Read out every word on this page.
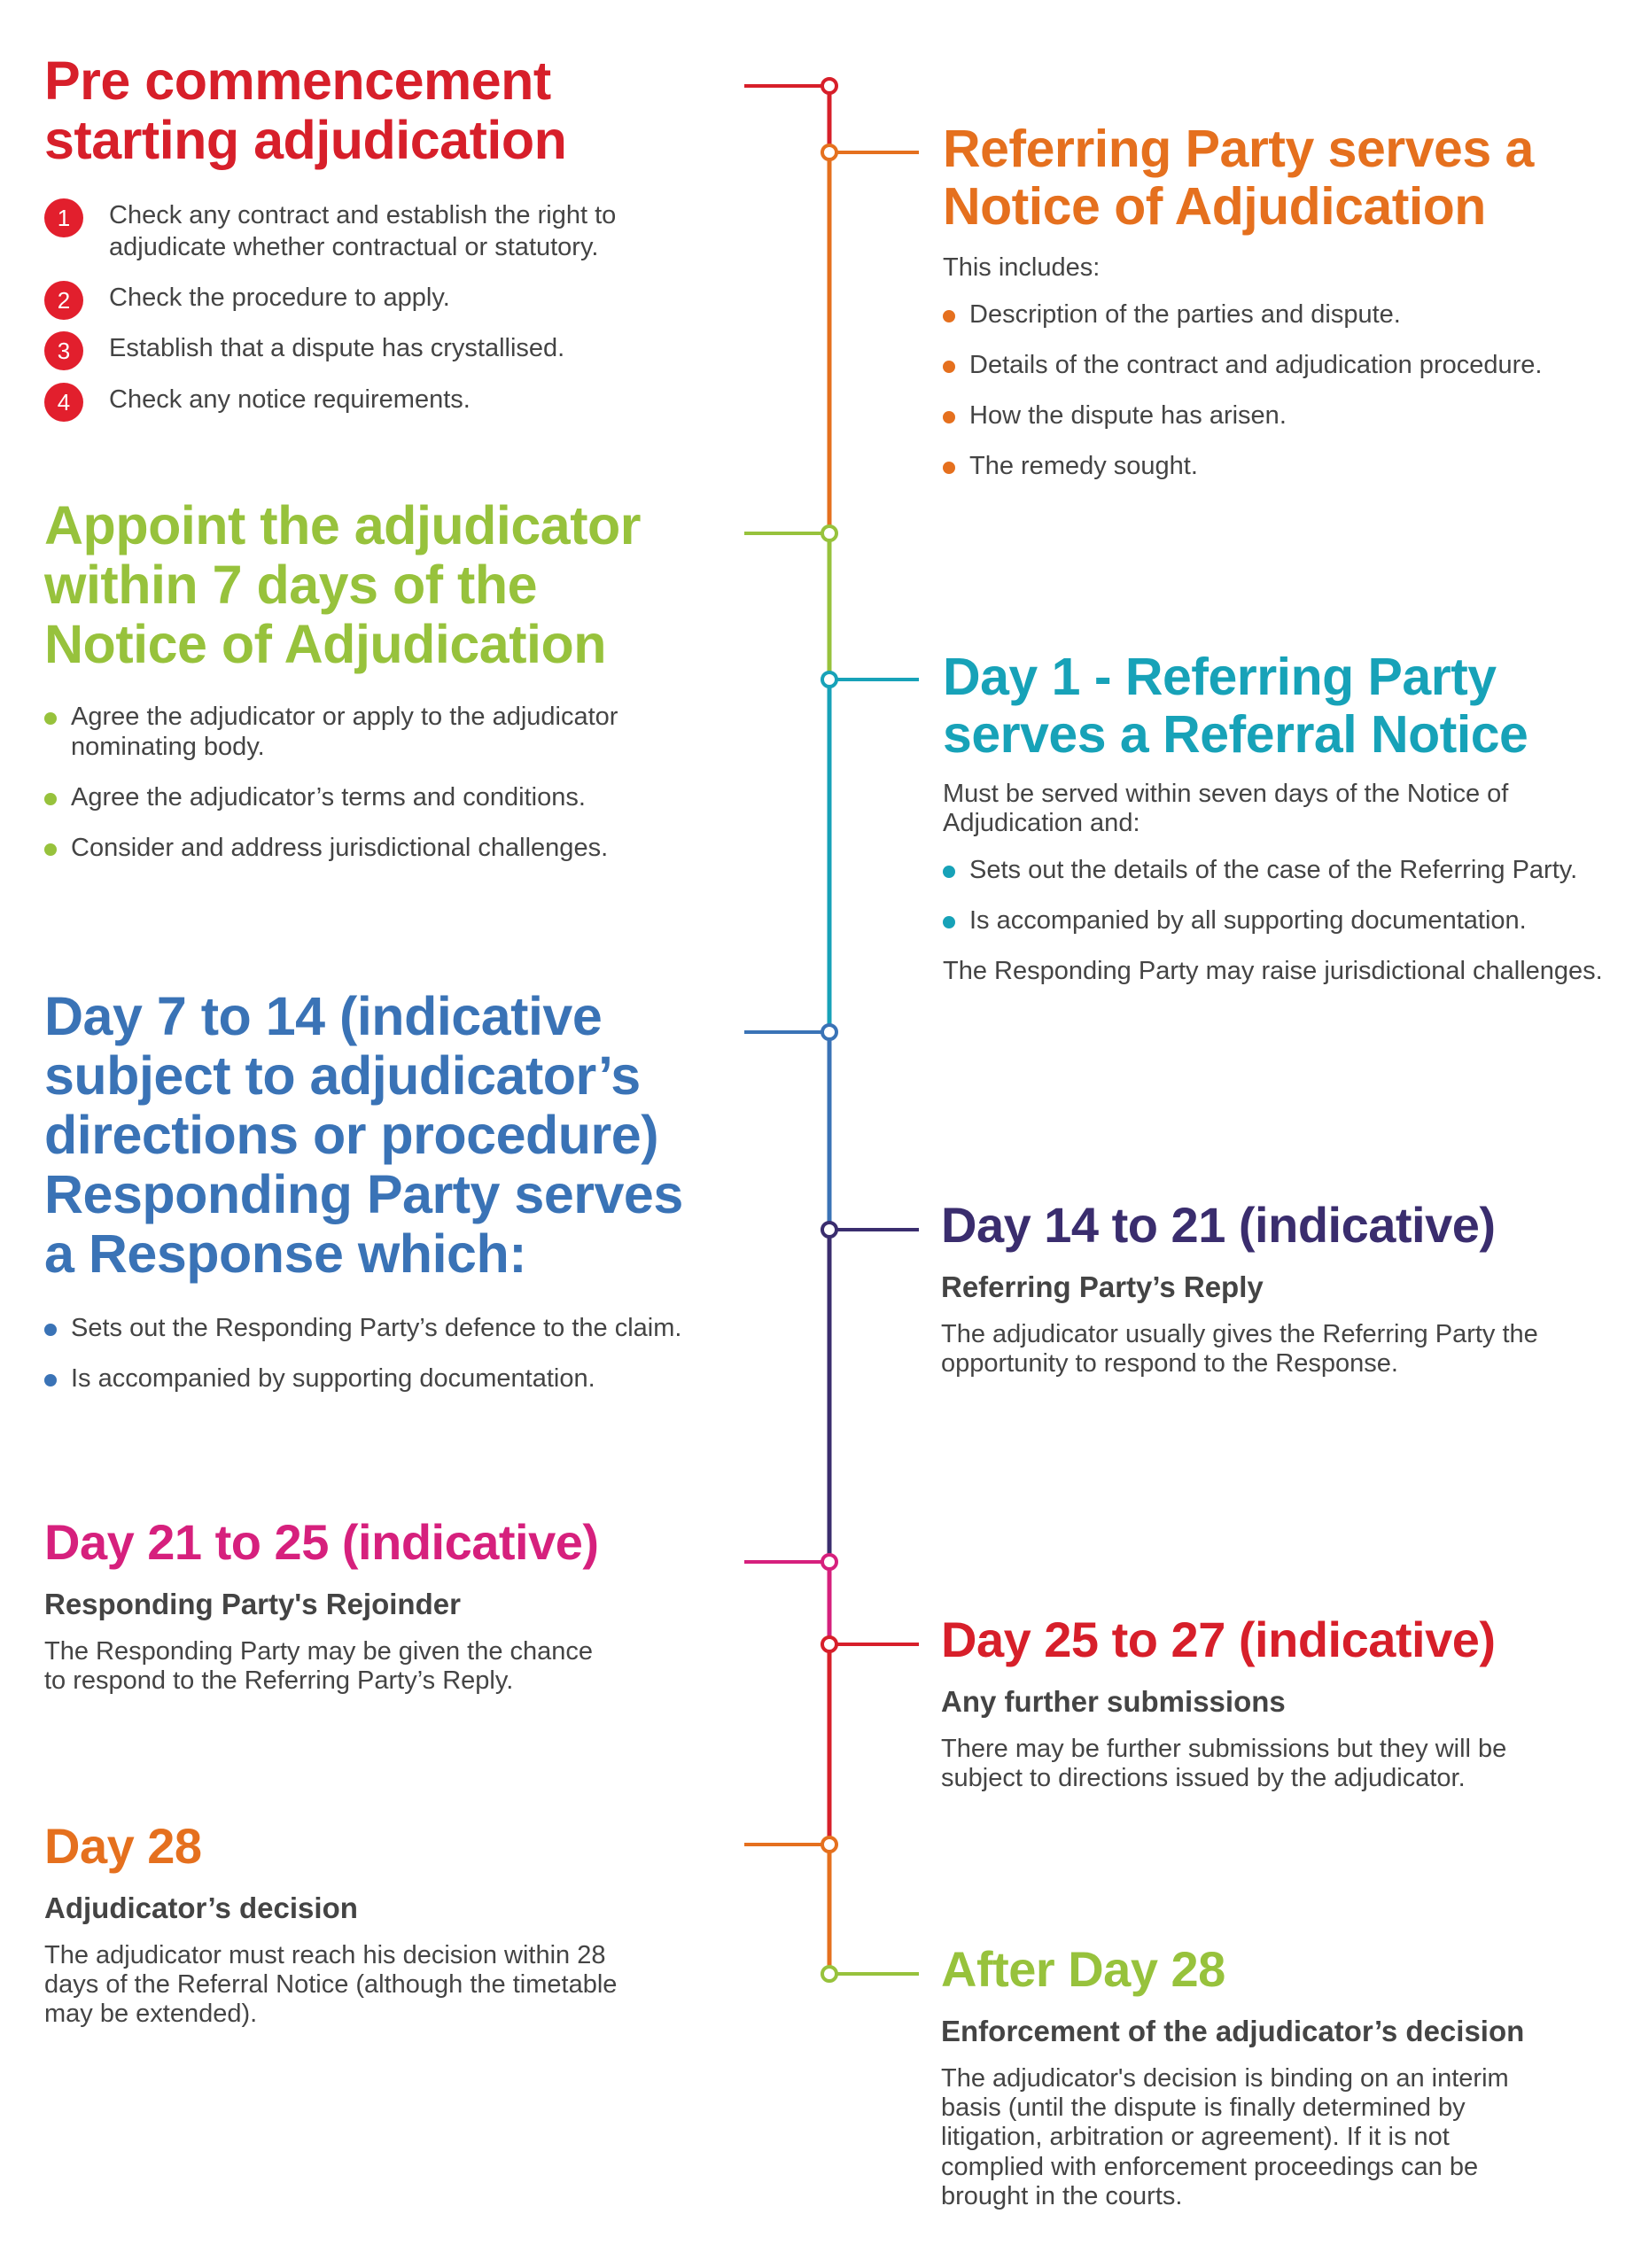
Pre commencement
starting adjudication
1	Check any contract and establish the right to adjudicate whether contractual or statutory.
2	Check the procedure to apply.
3	Establish that a dispute has crystallised.
4	Check any notice requirements.
Referring Party serves a
Notice of Adjudication

This includes:

Description of the parties and dispute.
Details of the contract and adjudication procedure.
How the dispute has arisen.
The remedy sought.
Appoint the adjudicator
within 7 days of the
Notice of Adjudication
Agree the adjudicator or apply to the adjudicator nominating body.
Agree the adjudicator’s terms and conditions.
Consider and address jurisdictional challenges.
Day 1 - Referring Party
serves a Referral Notice

Must be served within seven days of the Notice of Adjudication and:

Sets out the details of the case of the Referring Party.
Is accompanied by all supporting documentation.

The Responding Party may raise jurisdictional challenges.

Day 7 to 14 (indicative
subject to adjudicator’s
directions or procedure)
Responding Party serves
a Response which:
Sets out the Responding Party’s defence to the claim.
Is accompanied by supporting documentation.
Day 14 to 21 (indicative)

Referring Party’s Reply

The adjudicator usually gives the Referring Party the opportunity to respond to the Response.

Day 21 to 25 (indicative)

Responding Party's Rejoinder

The Responding Party may be given the chance to respond to the Referring Party’s Reply.

Day 25 to 27 (indicative)

Any further submissions

There may be further submissions but they will be subject to directions issued by the adjudicator.

Day 28

Adjudicator’s decision

The adjudicator must reach his decision within 28 days of the Referral Notice (although the timetable may be extended).

After Day 28

Enforcement of the adjudicator’s decision

The adjudicator's decision is binding on an interim basis (until the dispute is finally determined by litigation, arbitration or agreement). If it is not complied with enforcement proceedings can be brought in the courts.
